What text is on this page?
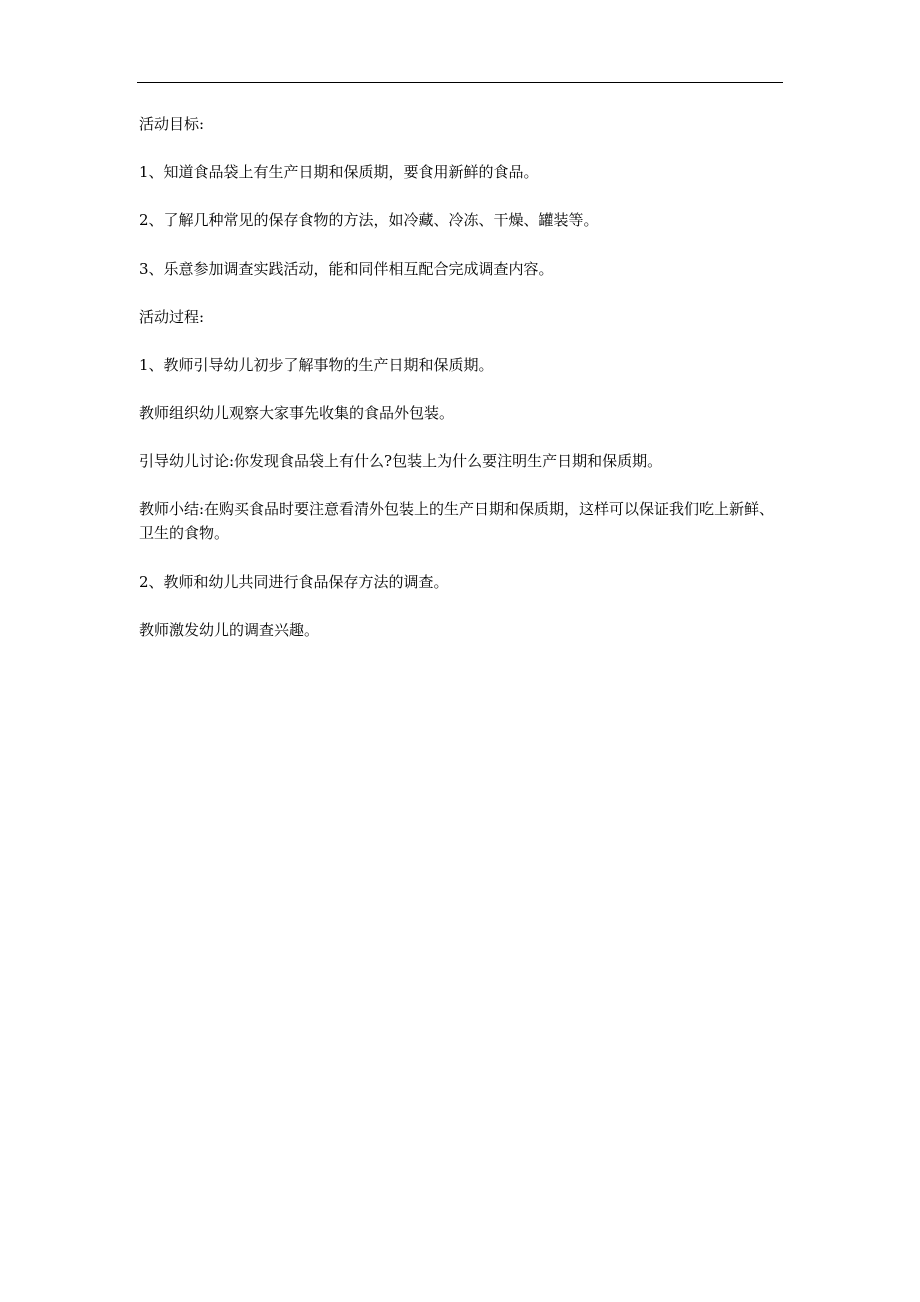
活动目标:

1、知道食品袋上有生产日期和保质期，要食用新鲜的食品。

2、了解几种常见的保存食物的方法，如冷藏、冷冻、干燥、罐装等。

3、乐意参加调查实践活动，能和同伴相互配合完成调查内容。

活动过程:

1、教师引导幼儿初步了解事物的生产日期和保质期。

教师组织幼儿观察大家事先收集的食品外包装。

引导幼儿讨论:你发现食品袋上有什么?包装上为什么要注明生产日期和保质期。

教师小结:在购买食品时要注意看清外包装上的生产日期和保质期，这样可以保证我们吃上新鲜、卫生的食物。

2、教师和幼儿共同进行食品保存方法的调查。

教师激发幼儿的调查兴趣。
